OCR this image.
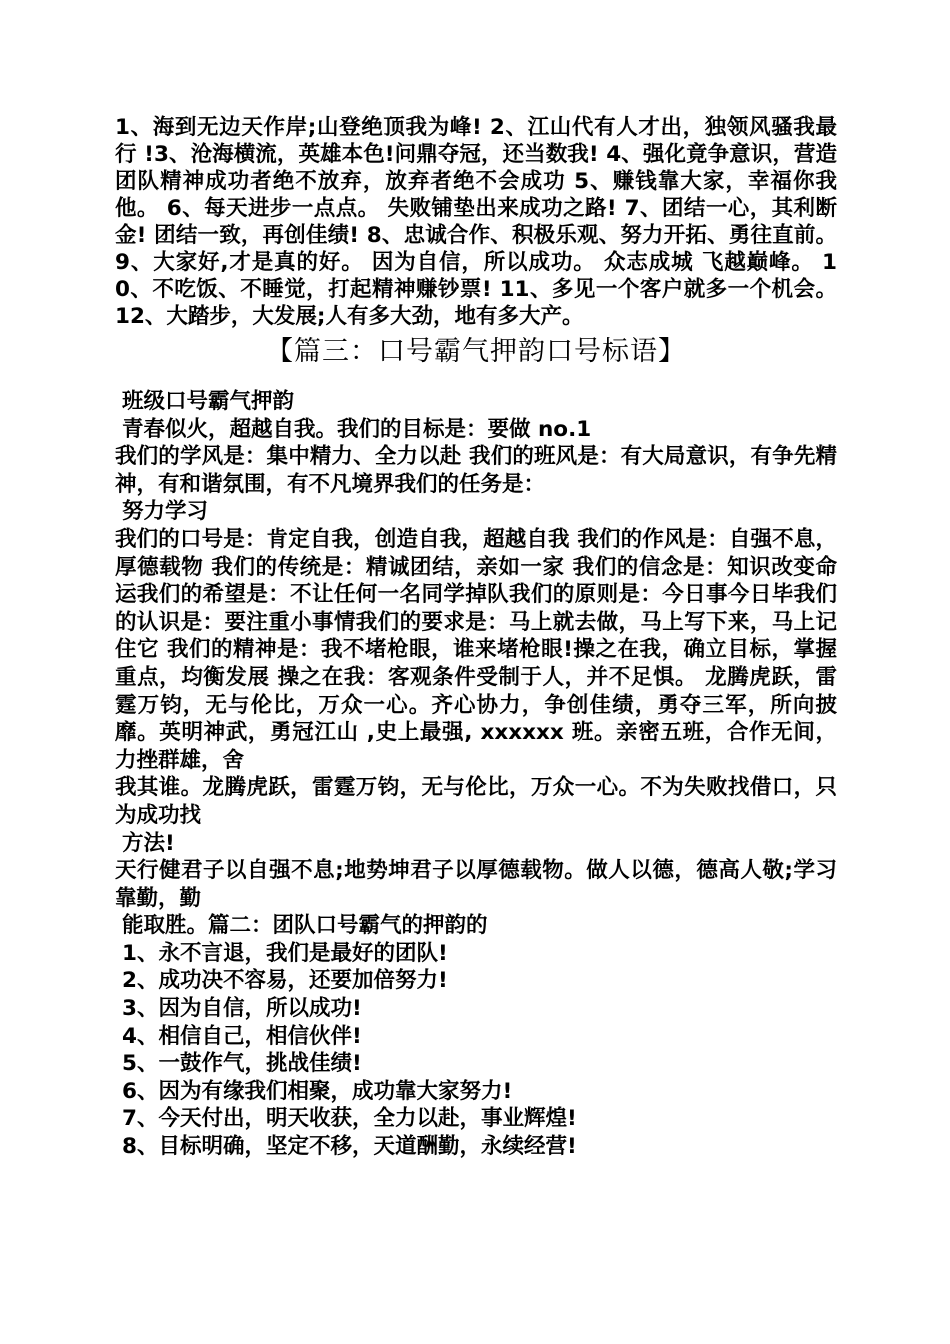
1、海到无边天作岸;山登绝顶我为峰! 2、江山代有人才出，独领风骚我最行 !3、沧海横流，英雄本色!问鼎夺冠，还当数我! 4、强化竟争意识，营造团队精神成功者绝不放弃，放弃者绝不会成功 5、赚钱靠大家，幸福你我他。 6、每天进步一点点。 失败铺垫出来成功之路! 7、团结一心，其利断金! 团结一致，再创佳绩! 8、忠诚合作、积极乐观、努力开拓、勇往直前。 9、大家好,才是真的好。 因为自信，所以成功。 众志成城 飞越巅峰。 10、不吃饭、不睡觉，打起精神赚钞票! 11、多见一个客户就多一个机会。 12、大踏步，大发展;人有多大劲，地有多大产。

【篇三：口号霸气押韵口号标语】

班级口号霸气押韵

青春似火，超越自我。我们的目标是：要做 no.1

我们的学风是：集中精力、全力以赴 我们的班风是：有大局意识，有争先精神，有和谐氛围，有不凡境界我们的任务是：

努力学习

我们的口号是：肯定自我，创造自我，超越自我 我们的作风是：自强不息，厚德载物 我们的传统是：精诚团结，亲如一家 我们的信念是：知识改变命运我们的希望是：不让任何一名同学掉队我们的原则是：今日事今日毕我们的认识是：要注重小事情我们的要求是：马上就去做，马上写下来，马上记住它 我们的精神是：我不堵枪眼，谁来堵枪眼!操之在我，确立目标，掌握重点，均衡发展 操之在我：客观条件受制于人，并不足惧。 龙腾虎跃，雷霆万钧，无与伦比，万众一心。齐心协力，争创佳绩，勇夺三军，所向披靡。英明神武，勇冠江山 ,史上最强, xxxxxx 班。亲密五班，合作无间，力挫群雄，舍

我其谁。龙腾虎跃，雷霆万钧，无与伦比，万众一心。不为失败找借口，只为成功找

方法!

天行健君子以自强不息;地势坤君子以厚德载物。做人以德，德高人敬;学习靠勤，勤

能取胜。篇二：团队口号霸气的押韵的

1、永不言退，我们是最好的团队!

2、成功决不容易，还要加倍努力!

3、因为自信，所以成功!

4、相信自己，相信伙伴!

5、一鼓作气，挑战佳绩!

6、因为有缘我们相聚，成功靠大家努力!

7、今天付出，明天收获，全力以赴，事业辉煌!

8、目标明确，坚定不移，天道酬勤，永续经营!
